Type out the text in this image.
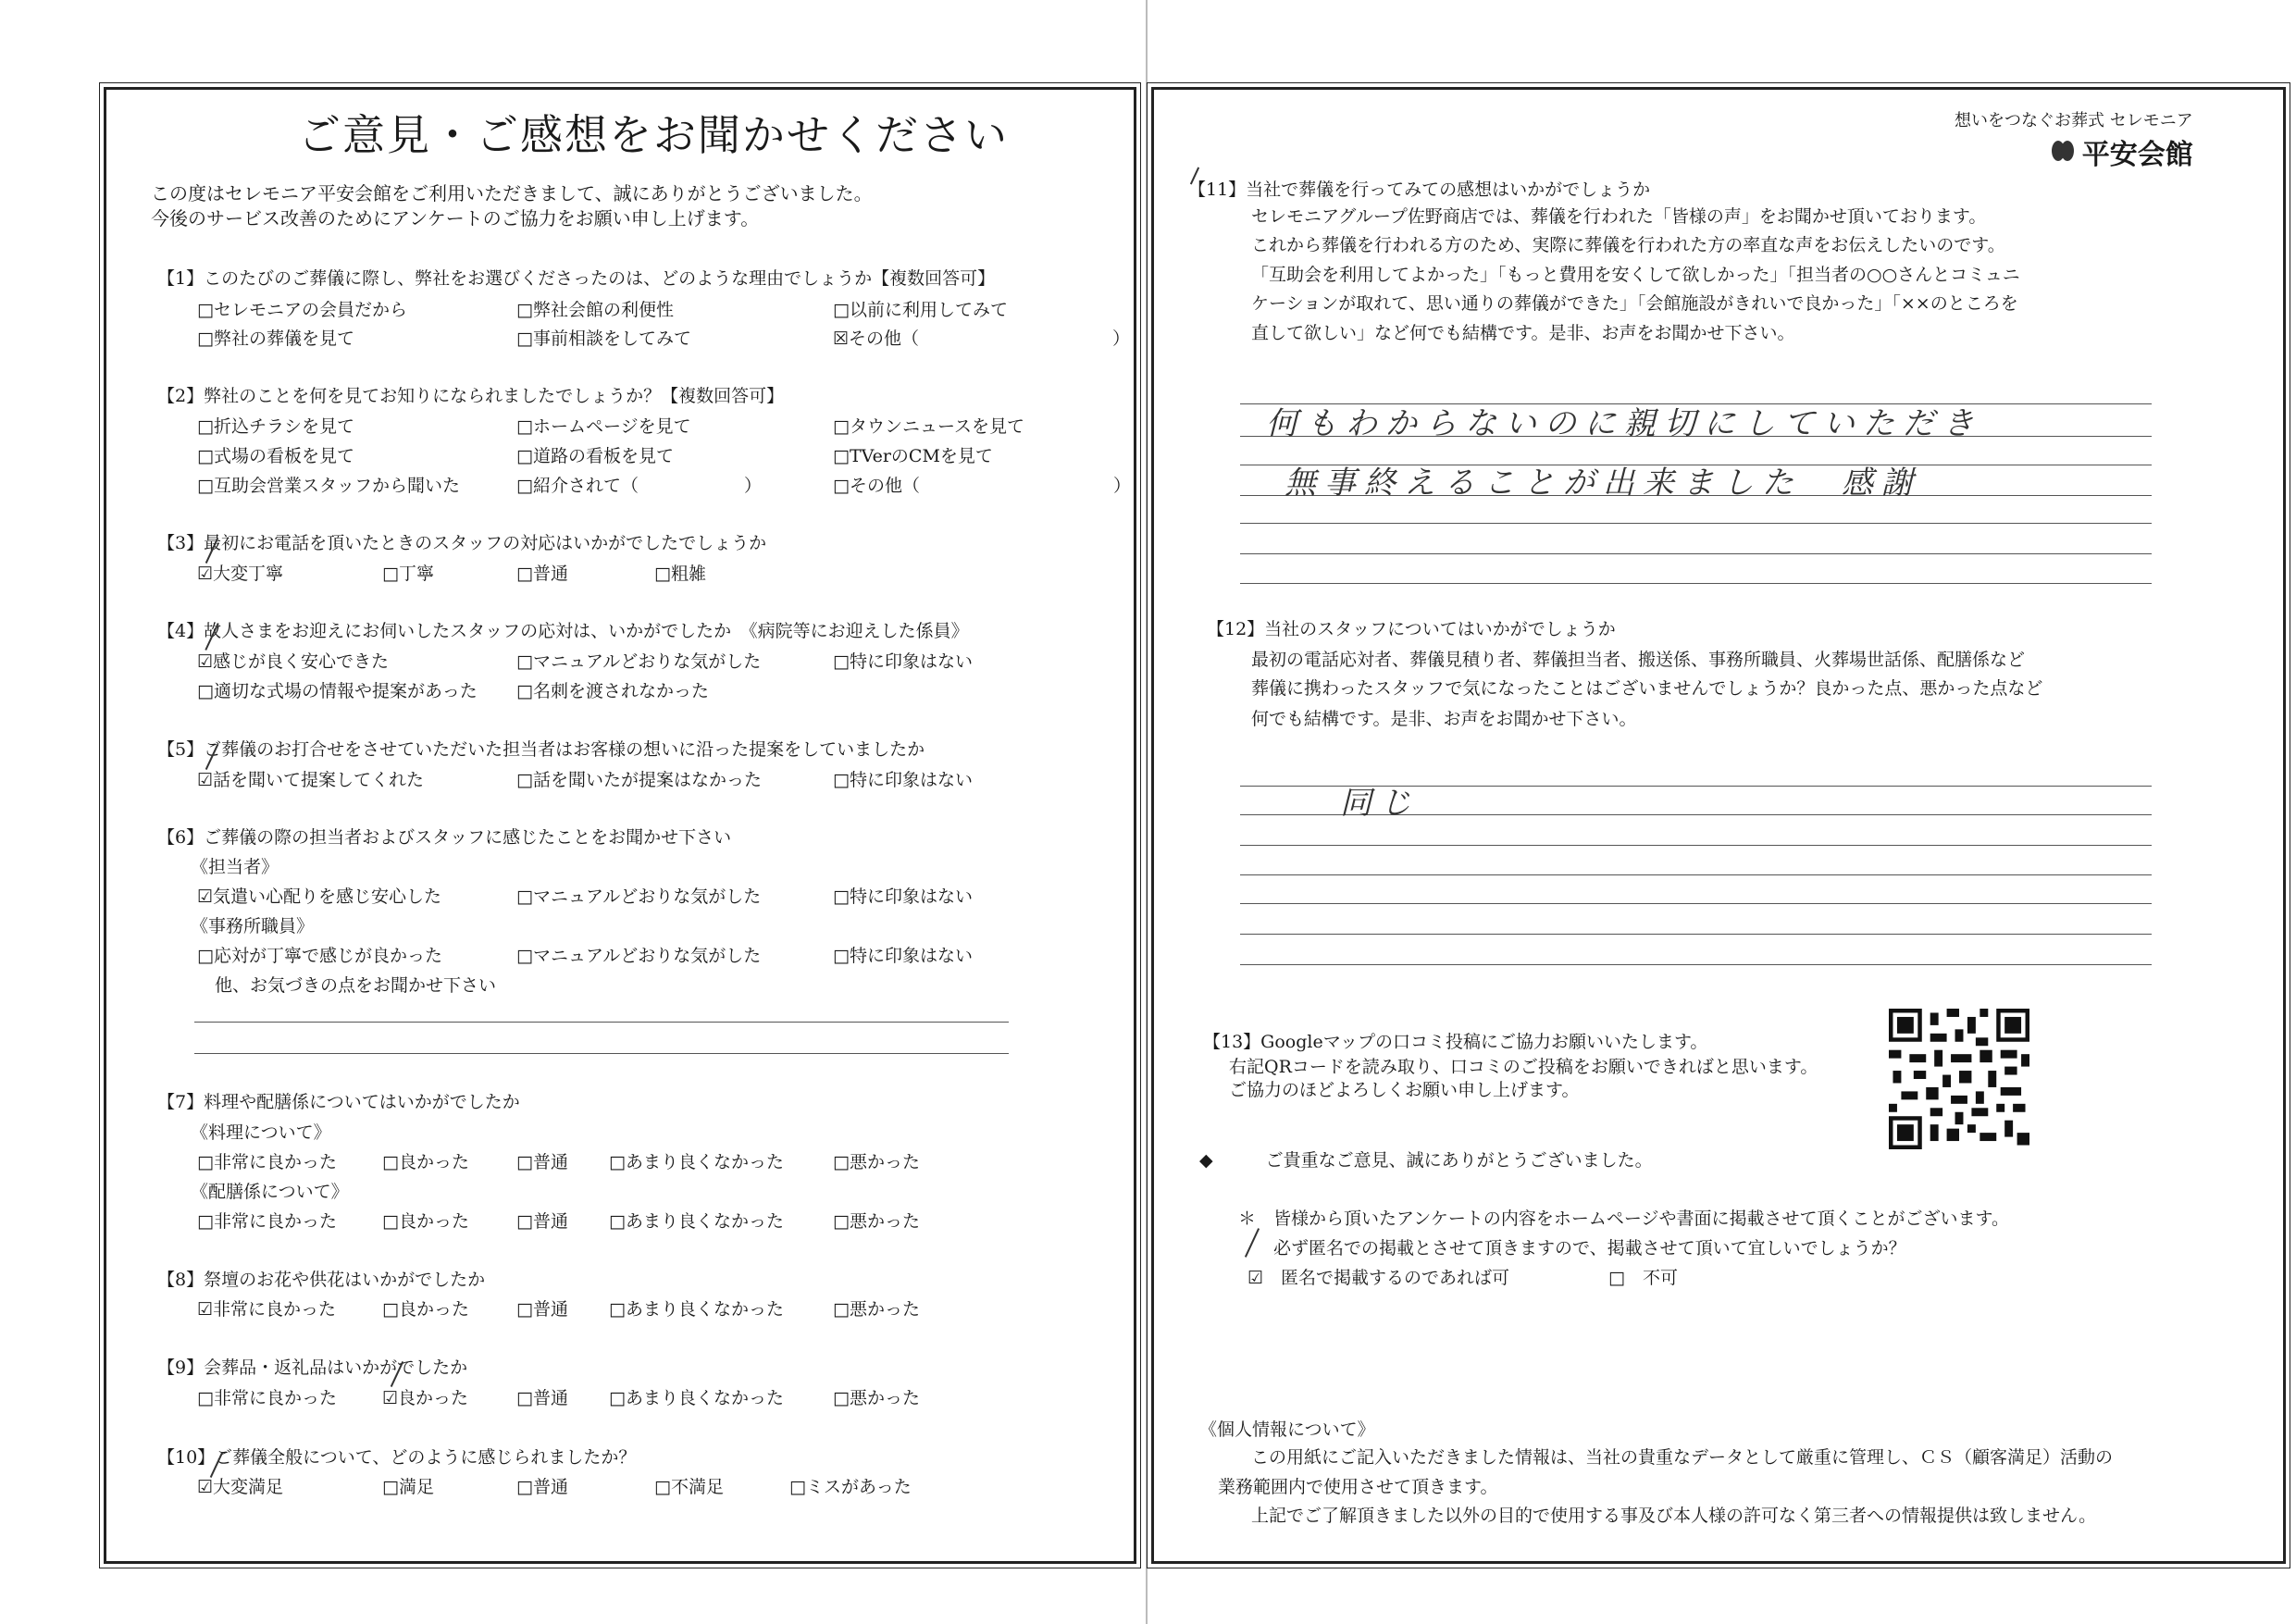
ご意見・ご感想をお聞かせください
この度はセレモニア平安会館をご利用いただきまして、誠にありがとうございました。
今後のサービス改善のためにアンケートのご協力をお願い申し上げます。
【1】このたびのご葬儀に際し、弊社をお選びくださったのは、どのような理由でしょうか【複数回答可】
□セレモニアの会員だから	□弊社会館の利便性	□以前に利用してみて
□弊社の葬儀を見て	□事前相談をしてみて	☒その他（　　　　　　　　　　　）
【2】弊社のことを何を見てお知りになられましたでしょうか？【複数回答可】
□折込チラシを見て	□ホームページを見て	□タウンニュースを見て
□式場の看板を見て	□道路の看板を見て	□TVerのCMを見て
□互助会営業スタッフから聞いた	□紹介されて（　　　　　　）	□その他（　　　　　　　　　　　）
【3】最初にお電話を頂いたときのスタッフの対応はいかがでしたでしょうか
☑大変丁寧	□丁寧	□普通	□粗雑
【4】故人さまをお迎えにお伺いしたスタッフの応対は、いかがでしたか　《病院等にお迎えした係員》
☑感じが良く安心できた	□マニュアルどおりな気がした	□特に印象はない
□適切な式場の情報や提案があった □名刺を渡されなかった
【5】ご葬儀のお打合せをさせていただいた担当者はお客様の想いに沿った提案をしていましたか
☑話を聞いて提案してくれた	□話を聞いたが提案はなかった	□特に印象はない
【6】ご葬儀の際の担当者およびスタッフに感じたことをお聞かせ下さい
《担当者》
☑気遣い心配りを感じ安心した	□マニュアルどおりな気がした	□特に印象はない
《事務所職員》
□応対が丁寧で感じが良かった	□マニュアルどおりな気がした	□特に印象はない
他、お気づきの点をお聞かせ下さい
【7】料理や配膳係についてはいかがでしたか
《料理について》
□非常に良かった	□良かった	□普通 □あまり良くなかった	□悪かった
《配膳係について》
□非常に良かった	□良かった	□普通 □あまり良くなかった	□悪かった
【8】祭壇のお花や供花はいかがでしたか
☑非常に良かった	□良かった	□普通 □あまり良くなかった	□悪かった
【9】会葬品・返礼品はいかがでしたか
□非常に良かった	☑良かった	□普通 □あまり良くなかった	□悪かった
【10】ご葬儀全般について、どのように感じられましたか？
☑大変満足	□満足	□普通	□不満足	□ミスがあった
想いをつなぐお葬式 セレモニア
平安会館
【11】当社で葬儀を行ってみての感想はいかがでしょうか
セレモニアグループ佐野商店では、葬儀を行われた「皆様の声」をお聞かせ頂いております。
これから葬儀を行われる方のため、実際に葬儀を行われた方の率直な声をお伝えしたいのです。
「互助会を利用してよかった」「もっと費用を安くして欲しかった」「担当者の○○さんとコミュニ
ケーションが取れて、思い通りの葬儀ができた」「会館施設がきれいで良かった」「××のところを
直して欲しい」など何でも結構です。是非、お声をお聞かせ下さい。
何もわからないのに親切にしていただき
無事終えることが出来ました　感謝
【12】当社のスタッフについてはいかがでしょうか
最初の電話応対者、葬儀見積り者、葬儀担当者、搬送係、事務所職員、火葬場世話係、配膳係など
葬儀に携わったスタッフで気になったことはございませんでしょうか？良かった点、悪かった点など
何でも結構です。是非、お声をお聞かせ下さい。
同じ
【13】Googleマップの口コミ投稿にご協力お願いいたします。
右記QRコードを読み取り、口コミのご投稿をお願いできればと思います。
ご協力のほどよろしくお願い申し上げます。
◆　　　ご貴重なご意見、誠にありがとうございました。
＊　皆様から頂いたアンケートの内容をホームページや書面に掲載させて頂くことがございます。
必ず匿名での掲載とさせて頂きますので、掲載させて頂いて宜しいでしょうか？
☑　匿名で掲載するのであれば可	□　不可
《個人情報について》
この用紙にご記入いただきました情報は、当社の貴重なデータとして厳重に管理し、ＣＳ（顧客満足）活動の
業務範囲内で使用させて頂きます。
上記でご了解頂きました以外の目的で使用する事及び本人様の許可なく第三者への情報提供は致しません。
